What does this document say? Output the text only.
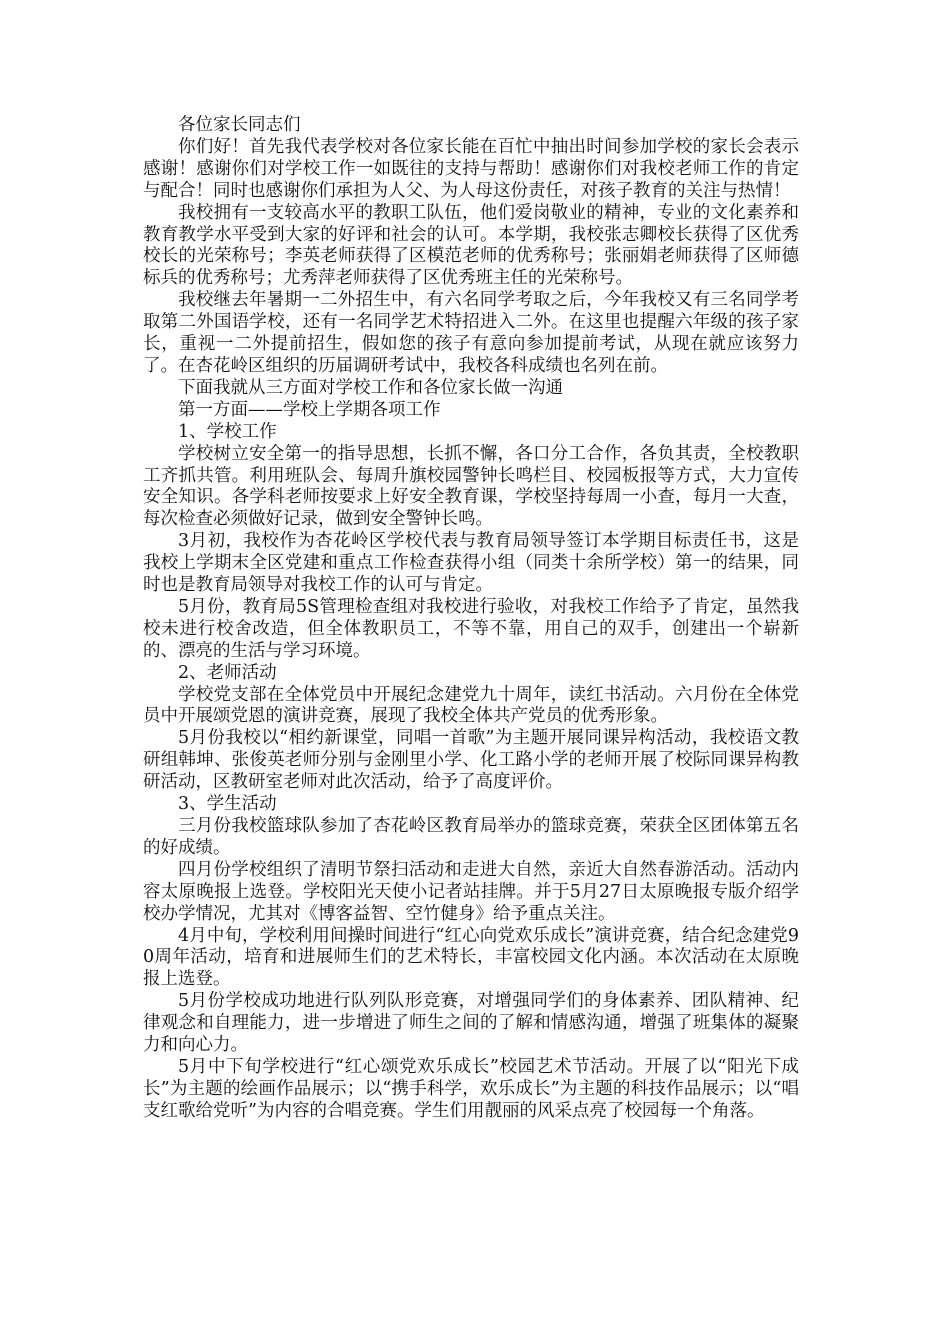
各位家长同志们

你们好！首先我代表学校对各位家长能在百忙中抽出时间参加学校的家长会表示感谢！感谢你们对学校工作一如既往的支持与帮助！感谢你们对我校老师工作的肯定与配合！同时也感谢你们承担为人父、为人母这份责任，对孩子教育的关注与热情！

我校拥有一支较高水平的教职工队伍，他们爱岗敬业的精神，专业的文化素养和教育教学水平受到大家的好评和社会的认可。本学期，我校张志卿校长获得了区优秀校长的光荣称号；李英老师获得了区模范老师的优秀称号；张丽娟老师获得了区师德标兵的优秀称号；尤秀萍老师获得了区优秀班主任的光荣称号。

我校继去年暑期一二外招生中，有六名同学考取之后，今年我校又有三名同学考取第二外国语学校，还有一名同学艺术特招进入二外。在这里也提醒六年级的孩子家长，重视一二外提前招生，假如您的孩子有意向参加提前考试，从现在就应该努力了。在杏花岭区组织的历届调研考试中，我校各科成绩也名列在前。

下面我就从三方面对学校工作和各位家长做一沟通

第一方面——学校上学期各项工作

1、学校工作

学校树立安全第一的指导思想，长抓不懈，各口分工合作，各负其责，全校教职工齐抓共管。利用班队会、每周升旗校园警钟长鸣栏目、校园板报等方式，大力宣传安全知识。各学科老师按要求上好安全教育课，学校坚持每周一小查，每月一大查，每次检查必须做好记录，做到安全警钟长鸣。

3月初，我校作为杏花岭区学校代表与教育局领导签订本学期目标责任书，这是我校上学期末全区党建和重点工作检查获得小组（同类十余所学校）第一的结果，同时也是教育局领导对我校工作的认可与肯定。

5月份，教育局5S管理检查组对我校进行验收，对我校工作给予了肯定，虽然我校未进行校舍改造，但全体教职员工，不等不靠，用自己的双手，创建出一个崭新的、漂亮的生活与学习环境。

2、老师活动

学校党支部在全体党员中开展纪念建党九十周年，读红书活动。六月份在全体党员中开展颂党恩的演讲竞赛，展现了我校全体共产党员的优秀形象。

5月份我校以“相约新课堂，同唱一首歌”为主题开展同课异构活动，我校语文教研组韩坤、张俊英老师分别与金刚里小学、化工路小学的老师开展了校际同课异构教研活动，区教研室老师对此次活动，给予了高度评价。

3、学生活动

三月份我校篮球队参加了杏花岭区教育局举办的篮球竞赛，荣获全区团体第五名的好成绩。

四月份学校组织了清明节祭扫活动和走进大自然，亲近大自然春游活动。活动内容太原晚报上选登。学校阳光天使小记者站挂牌。并于5月27日太原晚报专版介绍学校办学情况，尤其对《博客益智、空竹健身》给予重点关注。

4月中旬，学校利用间操时间进行“红心向党欢乐成长”演讲竞赛，结合纪念建党90周年活动，培育和进展师生们的艺术特长，丰富校园文化内涵。本次活动在太原晚报上选登。

5月份学校成功地进行队列队形竞赛，对增强同学们的身体素养、团队精神、纪律观念和自理能力，进一步增进了师生之间的了解和情感沟通，增强了班集体的凝聚力和向心力。

5月中下旬学校进行“红心颂党欢乐成长”校园艺术节活动。开展了以“阳光下成长”为主题的绘画作品展示；以“携手科学，欢乐成长”为主题的科技作品展示；以“唱支红歌给党听”为内容的合唱竞赛。学生们用靓丽的风采点亮了校园每一个角落。
